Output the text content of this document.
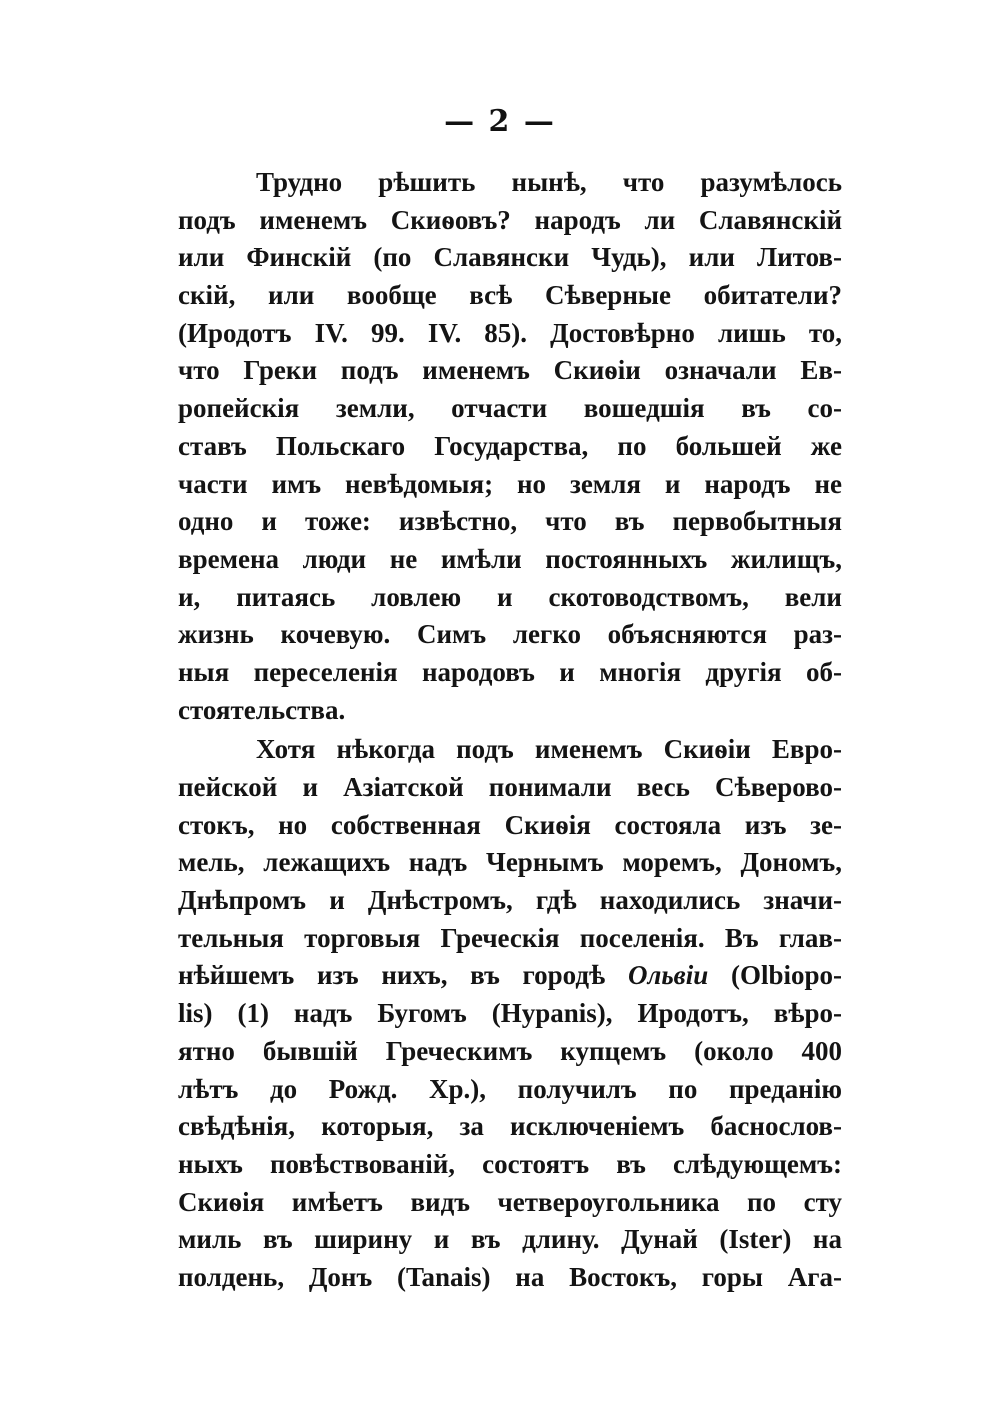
— 2 —
Трудно рѣшить нынѣ, что разумѣлось
подъ именемъ Скиѳовъ? народъ ли Славянскій
или Финскій (по Славянски Чудь), или Литов-
скій, или вообще всѣ Сѣверные обитатели?
(Иродотъ IV. 99. IV. 85). Достовѣрно лишь то,
что Греки подъ именемъ Скиѳіи означали Ев-
ропейскія земли, отчасти вошедшія въ со-
ставъ Польскаго Государства, по большей же
части имъ невѣдомыя; но земля и народъ не
одно и тоже: извѣстно, что въ первобытныя
времена люди не имѣли постоянныхъ жилищъ,
и, питаясь ловлею и скотоводствомъ, вели
жизнь кочевую. Симъ легко объясняются раз-
ныя переселенія народовъ и многія другія об-
стоятельства.
Хотя нѣкогда подъ именемъ Скиѳіи Евро-
пейской и Азіатской понимали весь Сѣверово-
стокъ, но собственная Скиѳія состояла изъ зе-
мель, лежащихъ надъ Чернымъ моремъ, Дономъ,
Днѣпромъ и Днѣстромъ, гдѣ находились значи-
тельныя торговыя Греческія поселенія. Въ глав-
нѣйшемъ изъ нихъ, въ городѣ Ольвіи (Olbiopo-
lis) (1) надъ Бугомъ (Hypanis), Иродотъ, вѣро-
ятно бывшій Греческимъ купцемъ (около 400
лѣтъ до Рожд. Хр.), получилъ по преданію
свѣдѣнія, которыя, за исключеніемъ баснослов-
ныхъ повѣствованій, состоятъ въ слѣдующемъ:
Скиѳія имѣетъ видъ четвероугольника по сту
миль въ ширину и въ длину. Дунай (Ister) на
полдень, Донъ (Tanais) на Востокъ, горы Ага-
